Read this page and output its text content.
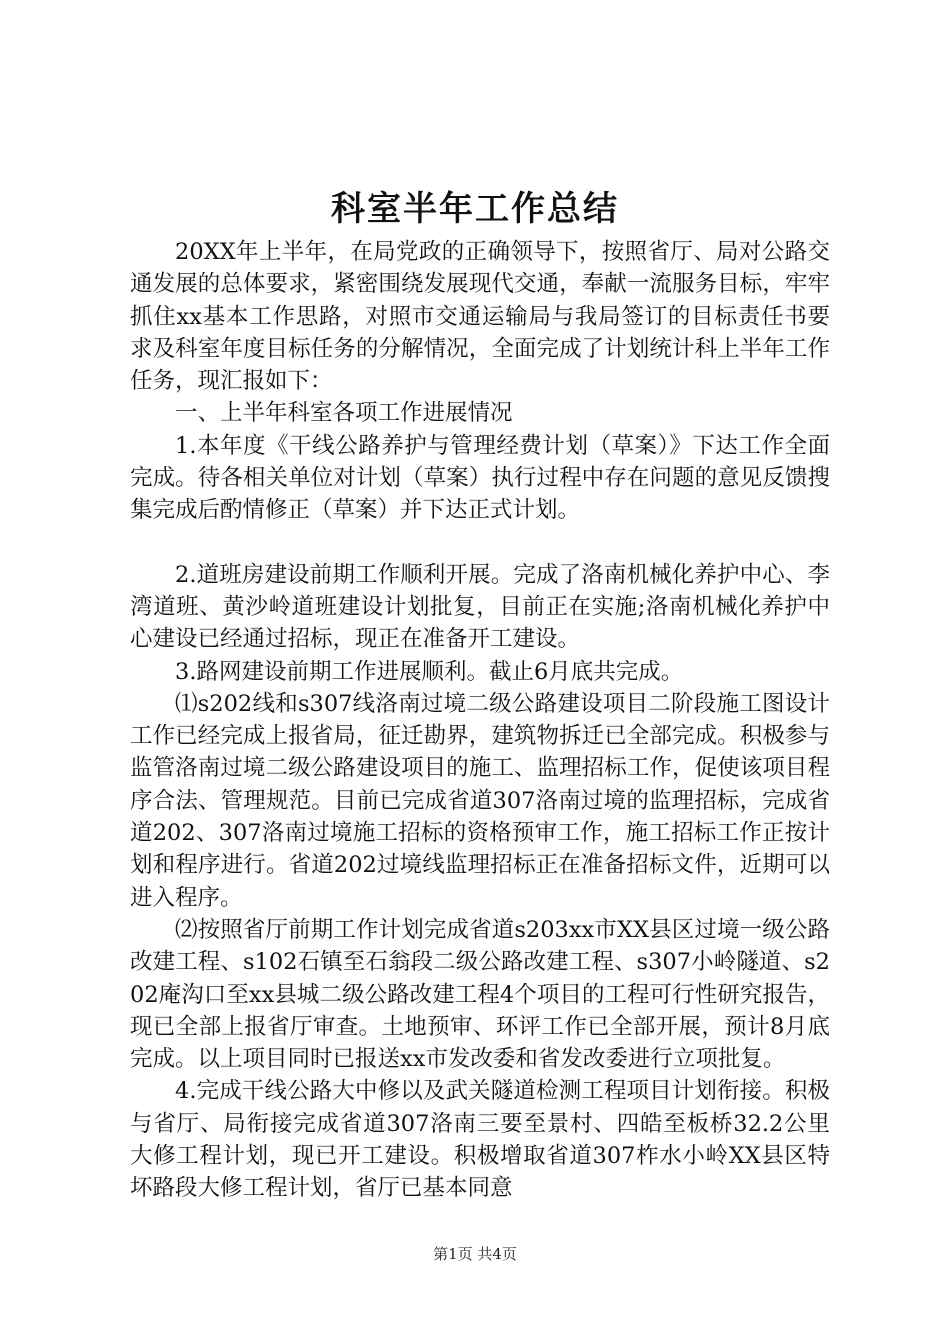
科室半年工作总结

20XX年上半年，在局党政的正确领导下，按照省厅、局对公路交通发展的总体要求，紧密围绕发展现代交通，奉献一流服务目标，牢牢抓住xx基本工作思路，对照市交通运输局与我局签订的目标责任书要求及科室年度目标任务的分解情况，全面完成了计划统计科上半年工作任务，现汇报如下：

一、上半年科室各项工作进展情况

1.本年度《干线公路养护与管理经费计划（草案）》下达工作全面完成。待各相关单位对计划（草案）执行过程中存在问题的意见反馈搜集完成后酌情修正（草案）并下达正式计划。

2.道班房建设前期工作顺利开展。完成了洛南机械化养护中心、李湾道班、黄沙岭道班建设计划批复，目前正在实施;洛南机械化养护中心建设已经通过招标，现正在准备开工建设。

3.路网建设前期工作进展顺利。截止6月底共完成。

⑴s202线和s307线洛南过境二级公路建设项目二阶段施工图设计工作已经完成上报省局，征迁勘界，建筑物拆迁已全部完成。积极参与监管洛南过境二级公路建设项目的施工、监理招标工作，促使该项目程序合法、管理规范。目前已完成省道307洛南过境的监理招标，完成省道202、307洛南过境施工招标的资格预审工作，施工招标工作正按计划和程序进行。省道202过境线监理招标正在准备招标文件，近期可以进入程序。

⑵按照省厅前期工作计划完成省道s203xx市XX县区过境一级公路改建工程、s102石镇至石翁段二级公路改建工程、s307小岭隧道、s202庵沟口至xx县城二级公路改建工程4个项目的工程可行性研究报告，现已全部上报省厅审查。土地预审、环评工作已全部开展，预计8月底完成。以上项目同时已报送xx市发改委和省发改委进行立项批复。

4.完成干线公路大中修以及武关隧道检测工程项目计划衔接。积极与省厅、局衔接完成省道307洛南三要至景村、四皓至板桥32.2公里大修工程计划，现已开工建设。积极增取省道307柞水小岭XX县区特坏路段大修工程计划，省厅已基本同意

第1页 共4页
